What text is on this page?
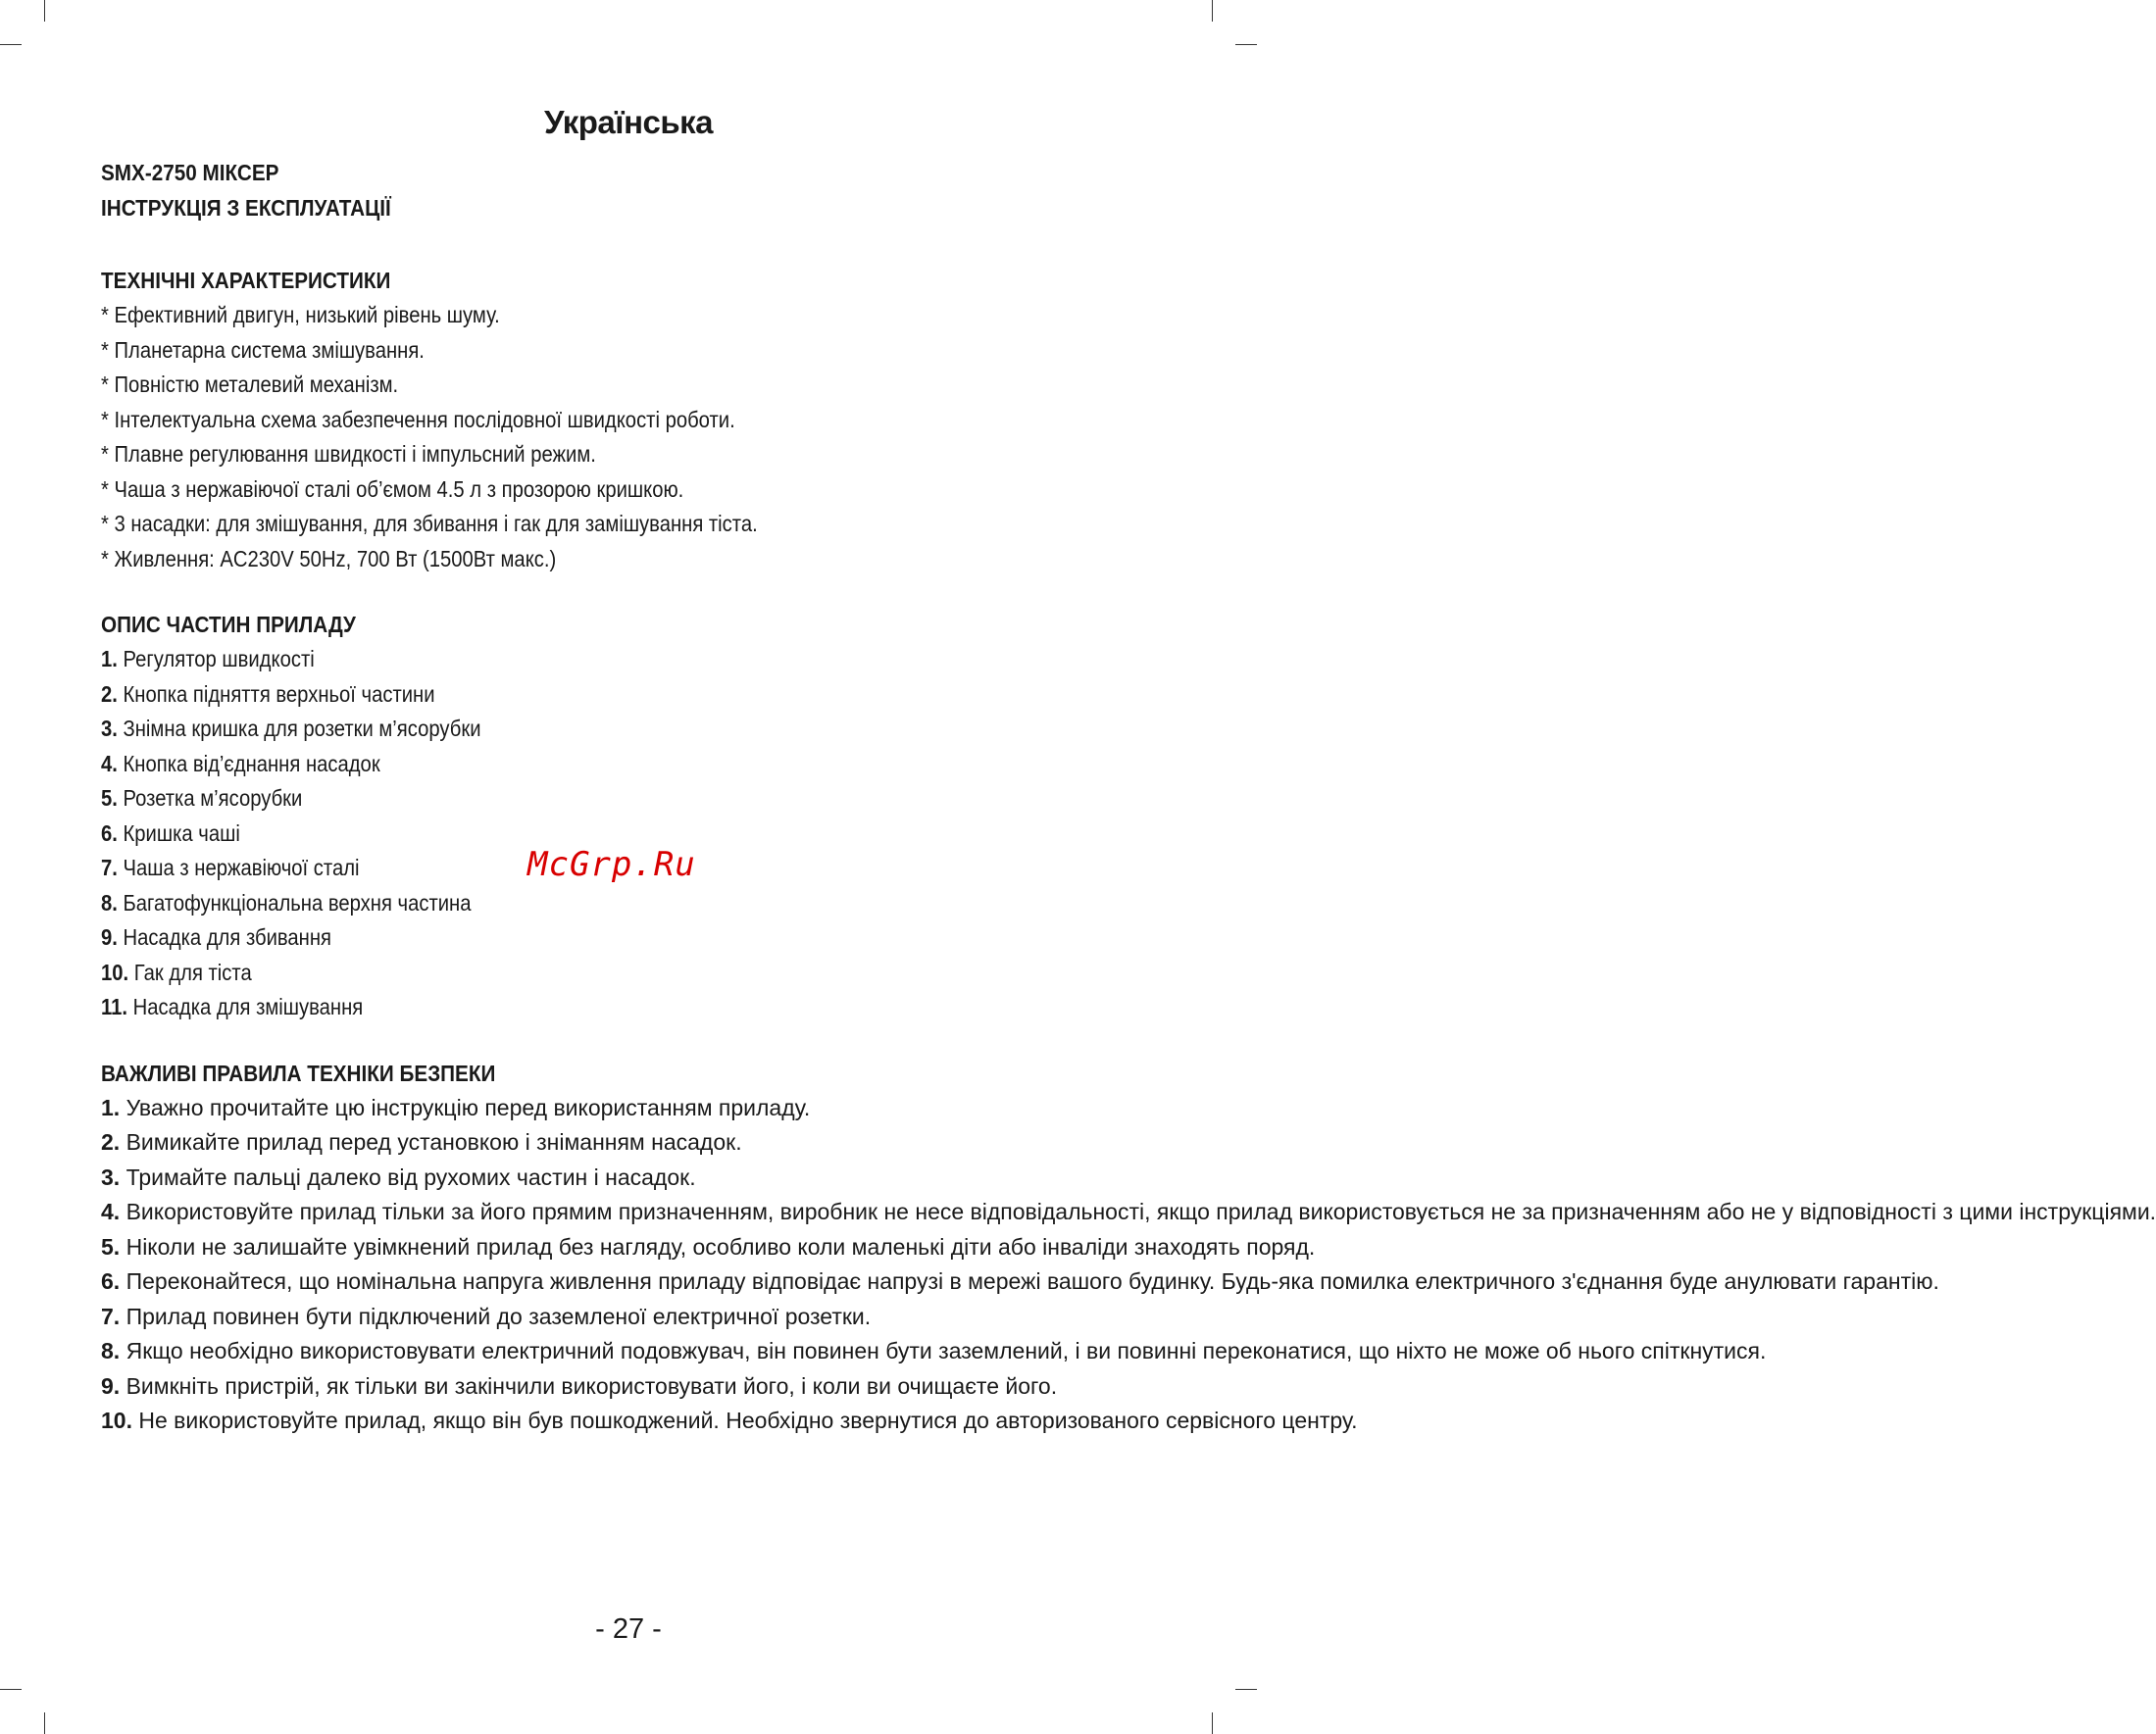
Українська
SMX-2750 МІКСЕР
ІНСТРУКЦІЯ З ЕКСПЛУАТАЦІЇ
ТЕХНІЧНІ ХАРАКТЕРИСТИКИ
* Ефективний двигун, низький рівень шуму.
* Планетарна система змішування.
* Повністю металевий механізм.
* Інтелектуальна схема забезпечення послідовної швидкості роботи.
* Плавне регулювання швидкості і імпульсний режим.
* Чаша з нержавіючої сталі об’ємом 4.5 л з прозорою кришкою.
* 3 насадки: для змішування, для збивання і гак для замішування тіста.
* Живлення: AC230V 50Hz, 700 Вт (1500Вт макс.)
ОПИС ЧАСТИН ПРИЛАДУ
1. Регулятор швидкості
2. Кнопка підняття верхньої частини
3. Знімна кришка для розетки м’ясорубки
4. Кнопка від’єднання насадок
5. Розетка м’ясорубки
6. Кришка чаші
7. Чаша з нержавіючої сталі
8. Багатофункціональна верхня частина
9. Насадка для збивання
10. Гак для тіста
11. Насадка для змішування
ВАЖЛИВІ ПРАВИЛА ТЕХНІКИ БЕЗПЕКИ
1. Уважно прочитайте цю інструкцію перед використанням приладу.
2. Вимикайте прилад перед установкою і зніманням насадок.
3. Тримайте пальці далеко від рухомих частин і насадок.
4. Використовуйте прилад тільки за його прямим призначенням, виробник не несе відповідальності, якщо прилад використовується не за призначенням або не у відповідності з цими інструкціями.
5. Ніколи не залишайте увімкнений прилад без нагляду, особливо коли маленькі діти або інваліди знаходять поряд.
6. Переконайтеся, що номінальна напруга живлення приладу відповідає напрузі в мережі вашого будинку. Будь-яка помилка електричного з'єднання буде анулювати гарантію.
7. Прилад повинен бути підключений до заземленої електричної розетки.
8. Якщо необхідно використовувати електричний подовжувач, він повинен бути заземлений, і ви повинні переконатися, що ніхто не може об нього спіткнутися.
9. Вимкніть пристрій, як тільки ви закінчили використовувати його, і коли ви очищаєте його.
10. Не використовуйте прилад, якщо він був пошкоджений. Необхідно звернутися до авторизованого сервісного центру.
McGrp.Ru
- 27 -
